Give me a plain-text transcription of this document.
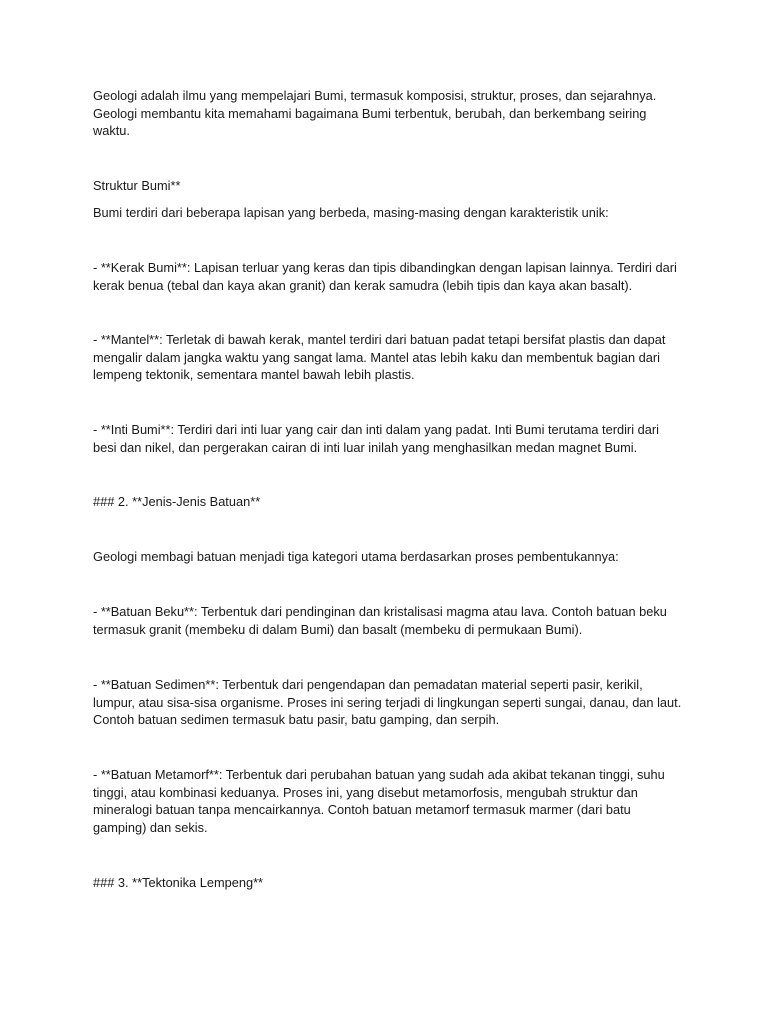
Geologi adalah ilmu yang mempelajari Bumi, termasuk komposisi, struktur, proses, dan sejarahnya. Geologi membantu kita memahami bagaimana Bumi terbentuk, berubah, dan berkembang seiring waktu.

Struktur Bumi**

Bumi terdiri dari beberapa lapisan yang berbeda, masing-masing dengan karakteristik unik:

- **Kerak Bumi**: Lapisan terluar yang keras dan tipis dibandingkan dengan lapisan lainnya. Terdiri dari kerak benua (tebal dan kaya akan granit) dan kerak samudra (lebih tipis dan kaya akan basalt).

- **Mantel**: Terletak di bawah kerak, mantel terdiri dari batuan padat tetapi bersifat plastis dan dapat mengalir dalam jangka waktu yang sangat lama. Mantel atas lebih kaku dan membentuk bagian dari lempeng tektonik, sementara mantel bawah lebih plastis.

- **Inti Bumi**: Terdiri dari inti luar yang cair dan inti dalam yang padat. Inti Bumi terutama terdiri dari besi dan nikel, dan pergerakan cairan di inti luar inilah yang menghasilkan medan magnet Bumi.

### 2. **Jenis-Jenis Batuan**

Geologi membagi batuan menjadi tiga kategori utama berdasarkan proses pembentukannya:

- **Batuan Beku**: Terbentuk dari pendinginan dan kristalisasi magma atau lava. Contoh batuan beku termasuk granit (membeku di dalam Bumi) dan basalt (membeku di permukaan Bumi).

- **Batuan Sedimen**: Terbentuk dari pengendapan dan pemadatan material seperti pasir, kerikil, lumpur, atau sisa-sisa organisme. Proses ini sering terjadi di lingkungan seperti sungai, danau, dan laut. Contoh batuan sedimen termasuk batu pasir, batu gamping, dan serpih.

- **Batuan Metamorf**: Terbentuk dari perubahan batuan yang sudah ada akibat tekanan tinggi, suhu tinggi, atau kombinasi keduanya. Proses ini, yang disebut metamorfosis, mengubah struktur dan mineralogi batuan tanpa mencairkannya. Contoh batuan metamorf termasuk marmer (dari batu gamping) dan sekis.

### 3. **Tektonika Lempeng**
